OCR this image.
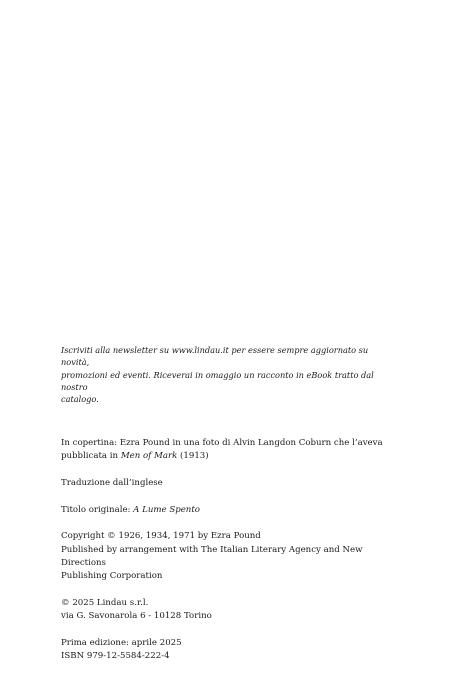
Iscriviti alla newsletter su www.lindau.it per essere sempre aggiornato su novità,

promozioni ed eventi. Riceverai in omaggio un racconto in eBook tratto dal nostro

catalogo.

In copertina: Ezra Pound in una foto di Alvin Langdon Coburn che l’aveva

pubblicata in Men of Mark (1913)

Traduzione dall’inglese

Titolo originale: A Lume Spento

Copyright © 1926, 1934, 1971 by Ezra Pound

Published by arrangement with The Italian Literary Agency and New Directions

Publishing Corporation

© 2025 Lindau s.r.l.

via G. Savonarola 6 - 10128 Torino

Prima edizione: aprile 2025

ISBN 979-12-5584-222-4
